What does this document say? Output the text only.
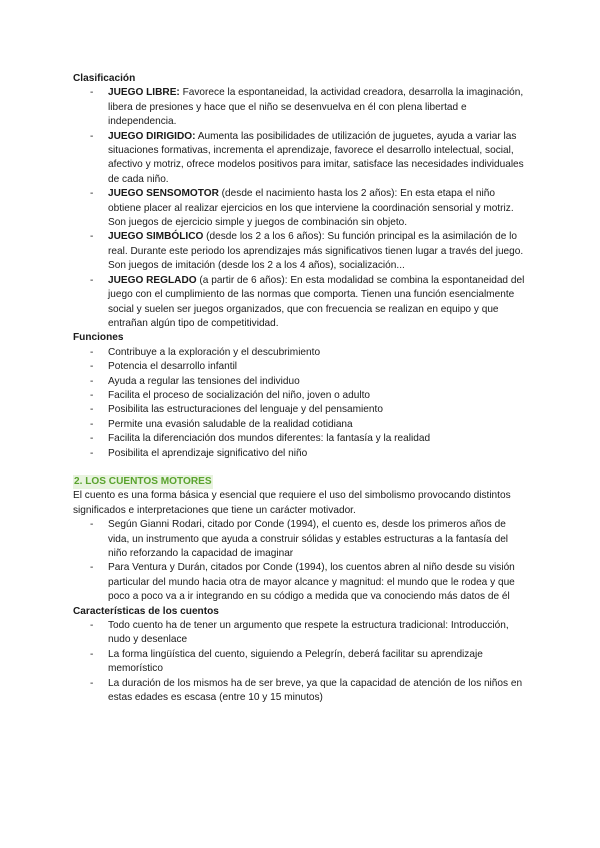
Clasificación

- JUEGO LIBRE: Favorece la espontaneidad, la actividad creadora, desarrolla la imaginación, libera de presiones y hace que el niño se desenvuelva en él con plena libertad e independencia.
- JUEGO DIRIGIDO: Aumenta las posibilidades de utilización de juguetes, ayuda a variar las situaciones formativas, incrementa el aprendizaje, favorece el desarrollo intelectual, social, afectivo y motriz, ofrece modelos positivos para imitar, satisface las necesidades individuales de cada niño.
- JUEGO SENSOMOTOR (desde el nacimiento hasta los 2 años): En esta etapa el niño obtiene placer al realizar ejercicios en los que interviene la coordinación sensorial y motriz. Son juegos de ejercicio simple y juegos de combinación sin objeto.
- JUEGO SIMBÓLICO (desde los 2 a los 6 años): Su función principal es la asimilación de lo real. Durante este periodo los aprendizajes más significativos tienen lugar a través del juego. Son juegos de imitación (desde los 2 a los 4 años), socialización...
- JUEGO REGLADO (a partir de 6 años): En esta modalidad se combina la espontaneidad del juego con el cumplimiento de las normas que comporta. Tienen una función esencialmente social y suelen ser juegos organizados, que con frecuencia se realizan en equipo y que entrañan algún tipo de competitividad.

Funciones

- Contribuye a la exploración y el descubrimiento
- Potencia el desarrollo infantil
- Ayuda a regular las tensiones del individuo
- Facilita el proceso de socialización del niño, joven o adulto
- Posibilita las estructuraciones del lenguaje y del pensamiento
- Permite una evasión saludable de la realidad cotidiana
- Facilita la diferenciación dos mundos diferentes: la fantasía y la realidad
- Posibilita el aprendizaje significativo del niño
2. LOS CUENTOS MOTORES

El cuento es una forma básica y esencial que requiere el uso del simbolismo provocando distintos significados e interpretaciones que tiene un carácter motivador.

- Según Gianni Rodari, citado por Conde (1994), el cuento es, desde los primeros años de vida, un instrumento que ayuda a construir sólidas y estables estructuras a la fantasía del niño reforzando la capacidad de imaginar
- Para Ventura y Durán, citados por Conde (1994), los cuentos abren al niño desde su visión particular del mundo hacia otra de mayor alcance y magnitud: el mundo que le rodea y que poco a poco va a ir integrando en su código a medida que va conociendo más datos de él

Características de los cuentos

- Todo cuento ha de tener un argumento que respete la estructura tradicional: Introducción, nudo y desenlace
- La forma lingüística del cuento, siguiendo a Pelegrín, deberá facilitar su aprendizaje memorístico
- La duración de los mismos ha de ser breve, ya que la capacidad de atención de los niños en estas edades es escasa (entre 10 y 15 minutos)
